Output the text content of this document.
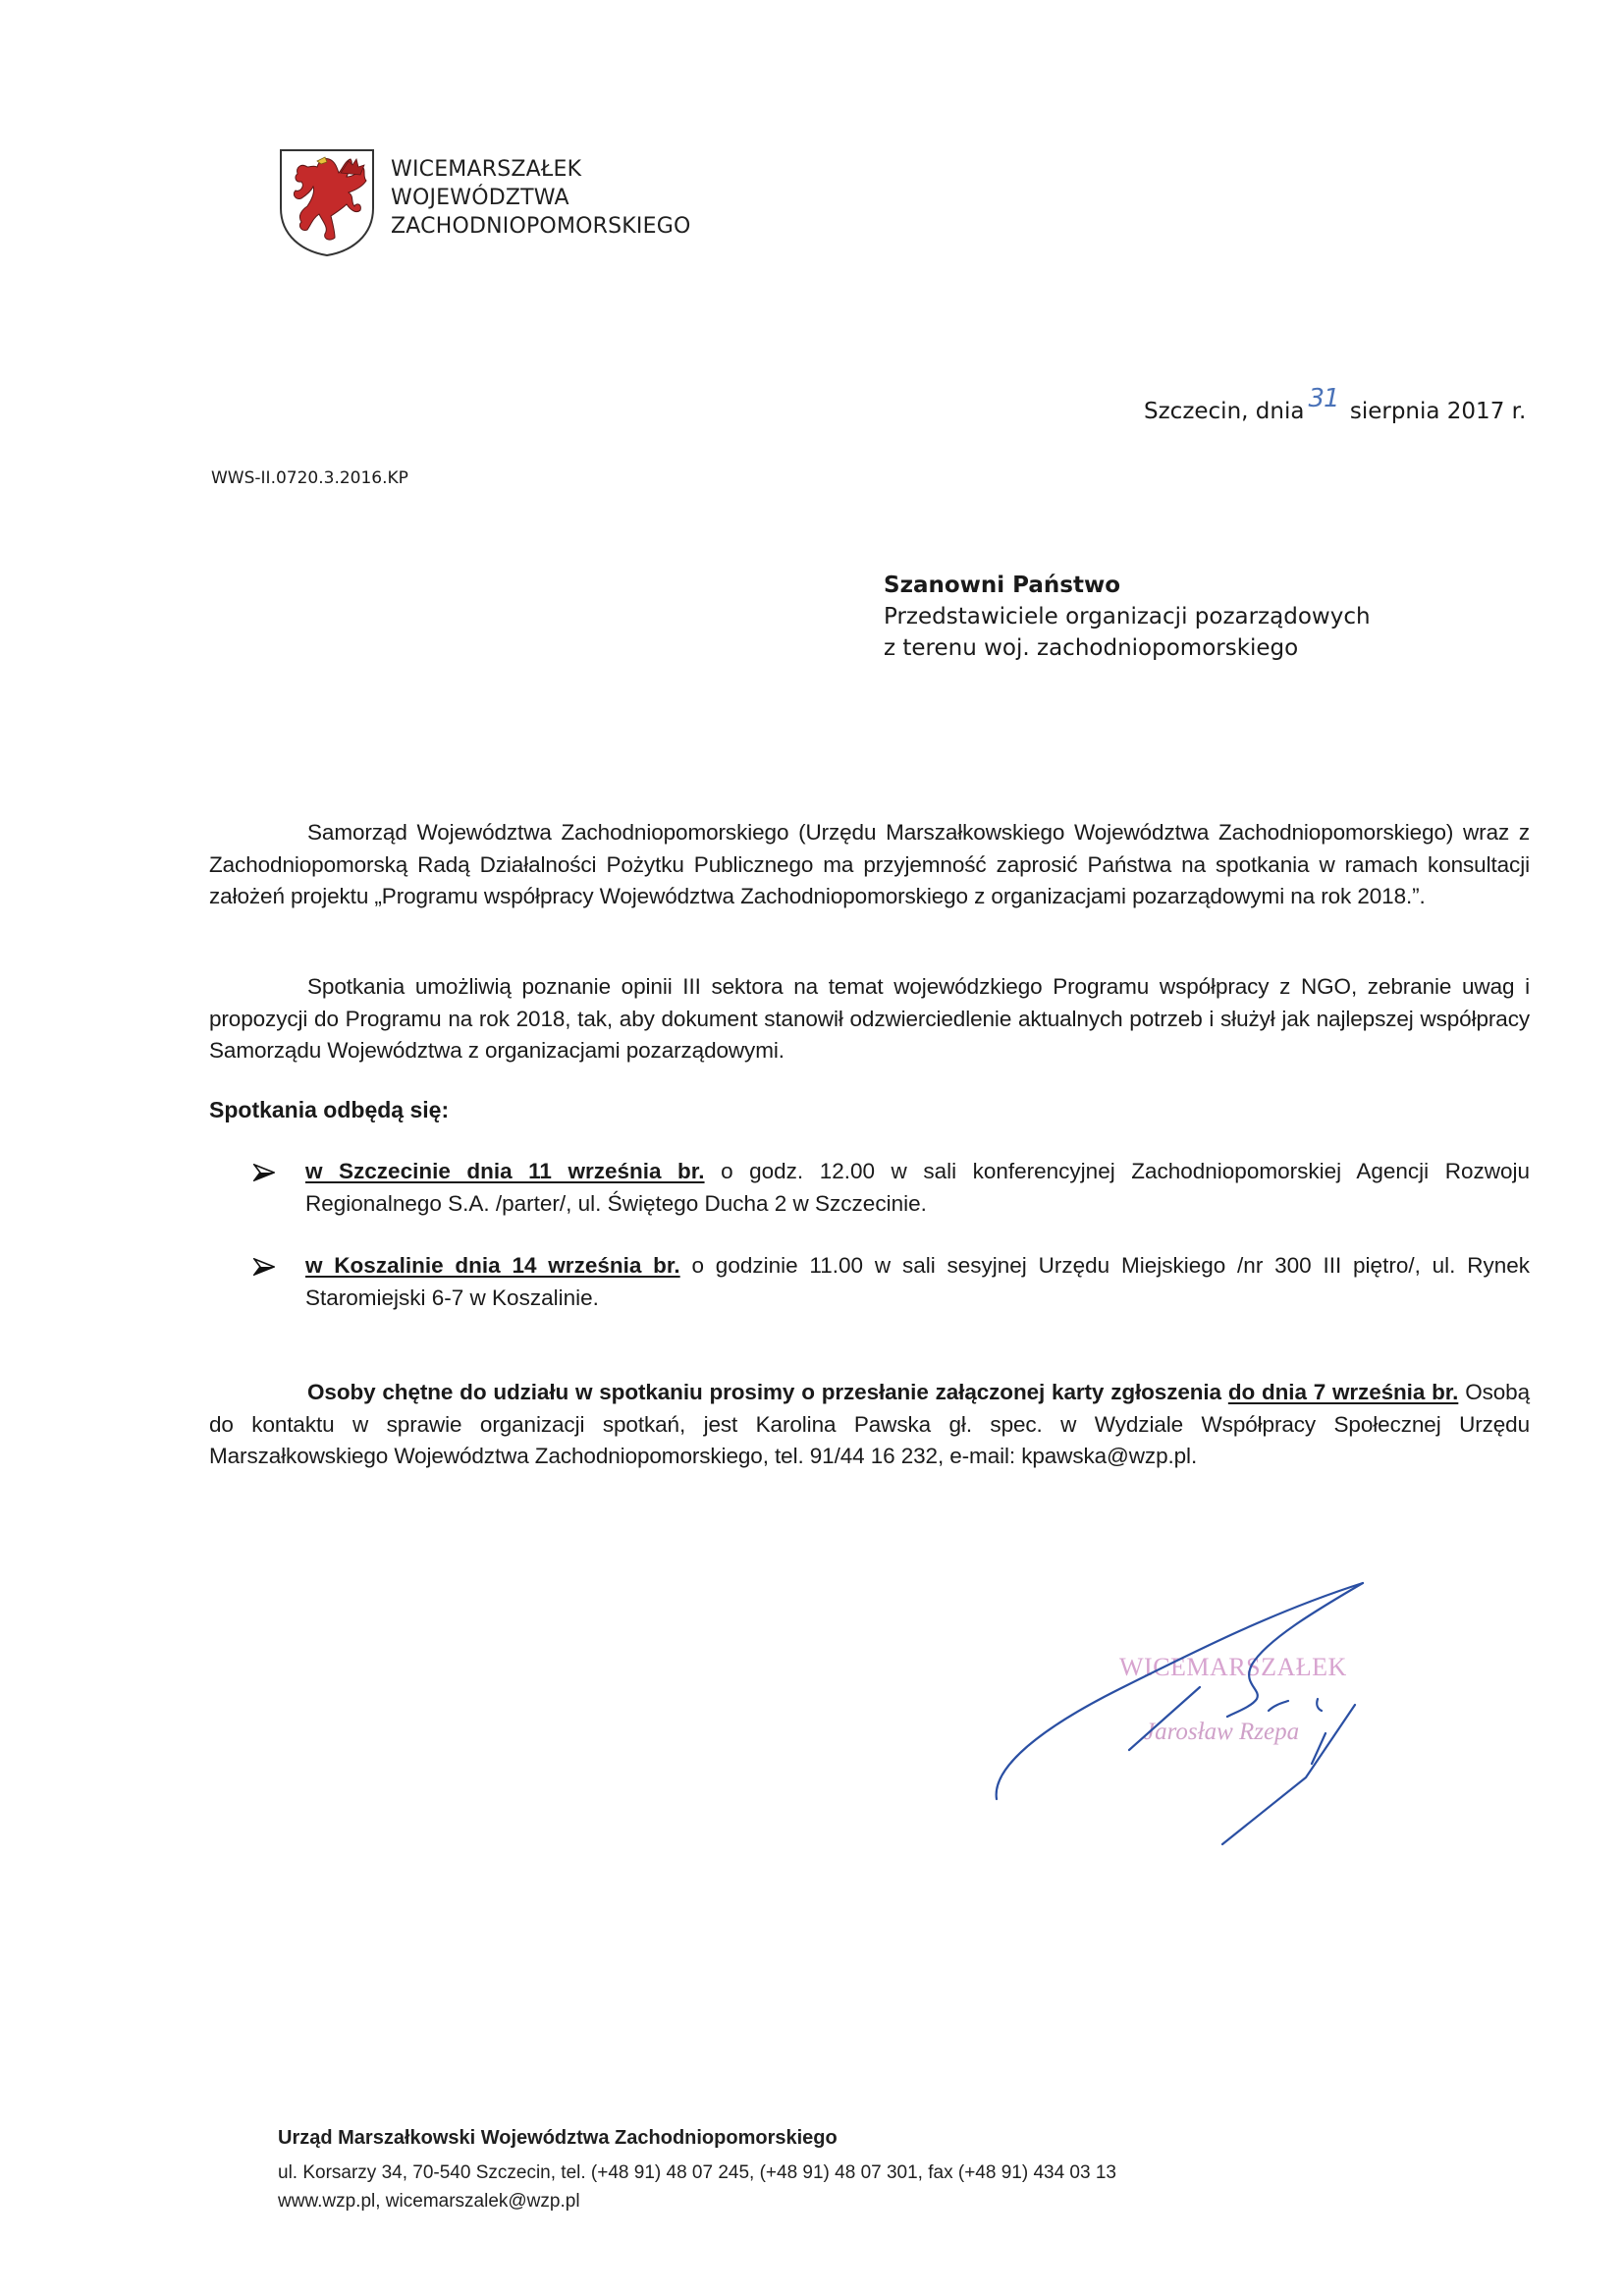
WICEMARSZAŁEK
WOJEWÓDZTWA
ZACHODNIOPOMORSKIEGO
Szczecin, dnia 31 sierpnia 2017 r.
WWS-II.0720.3.2016.KP
Szanowni Państwo
Przedstawiciele organizacji pozarządowych
z terenu woj. zachodniopomorskiego

Samorząd Województwa Zachodniopomorskiego (Urzędu Marszałkowskiego Województwa Zachodniopomorskiego) wraz z Zachodniopomorską Radą Działalności Pożytku Publicznego ma przyjemność zaprosić Państwa na spotkania w ramach konsultacji założeń projektu „Programu współpracy Województwa Zachodniopomorskiego z organizacjami pozarządowymi na rok 2018.”.

Spotkania umożliwią poznanie opinii III sektora na temat wojewódzkiego Programu współpracy z NGO, zebranie uwag i propozycji do Programu na rok 2018, tak, aby dokument stanowił odzwierciedlenie aktualnych potrzeb i służył jak najlepszej współpracy Samorządu Województwa z organizacjami pozarządowymi.

Spotkania odbędą się:
w Szczecinie dnia 11 września br. o godz. 12.00 w sali konferencyjnej Zachodniopomorskiej Agencji Rozwoju Regionalnego S.A. /parter/, ul. Świętego Ducha 2 w Szczecinie.
w Koszalinie dnia 14 września br. o godzinie 11.00 w sali sesyjnej Urzędu Miejskiego /nr 300 III piętro/, ul. Rynek Staromiejski 6-7 w Koszalinie.

Osoby chętne do udziału w spotkaniu prosimy o przesłanie załączonej karty zgłoszenia do dnia 7 września br. Osobą do kontaktu w sprawie organizacji spotkań, jest Karolina Pawska gł. spec. w Wydziale Współpracy Społecznej Urzędu Marszałkowskiego Województwa Zachodniopomorskiego, tel. 91/44 16 232, e-mail: kpawska@wzp.pl.

WICEMARSZAŁEK
Jarosław Rzepa
Urząd Marszałkowski Województwa Zachodniopomorskiego
ul. Korsarzy 34, 70-540 Szczecin, tel. (+48 91) 48 07 245, (+48 91) 48 07 301, fax (+48 91) 434 03 13
www.wzp.pl, wicemarszalek@wzp.pl
